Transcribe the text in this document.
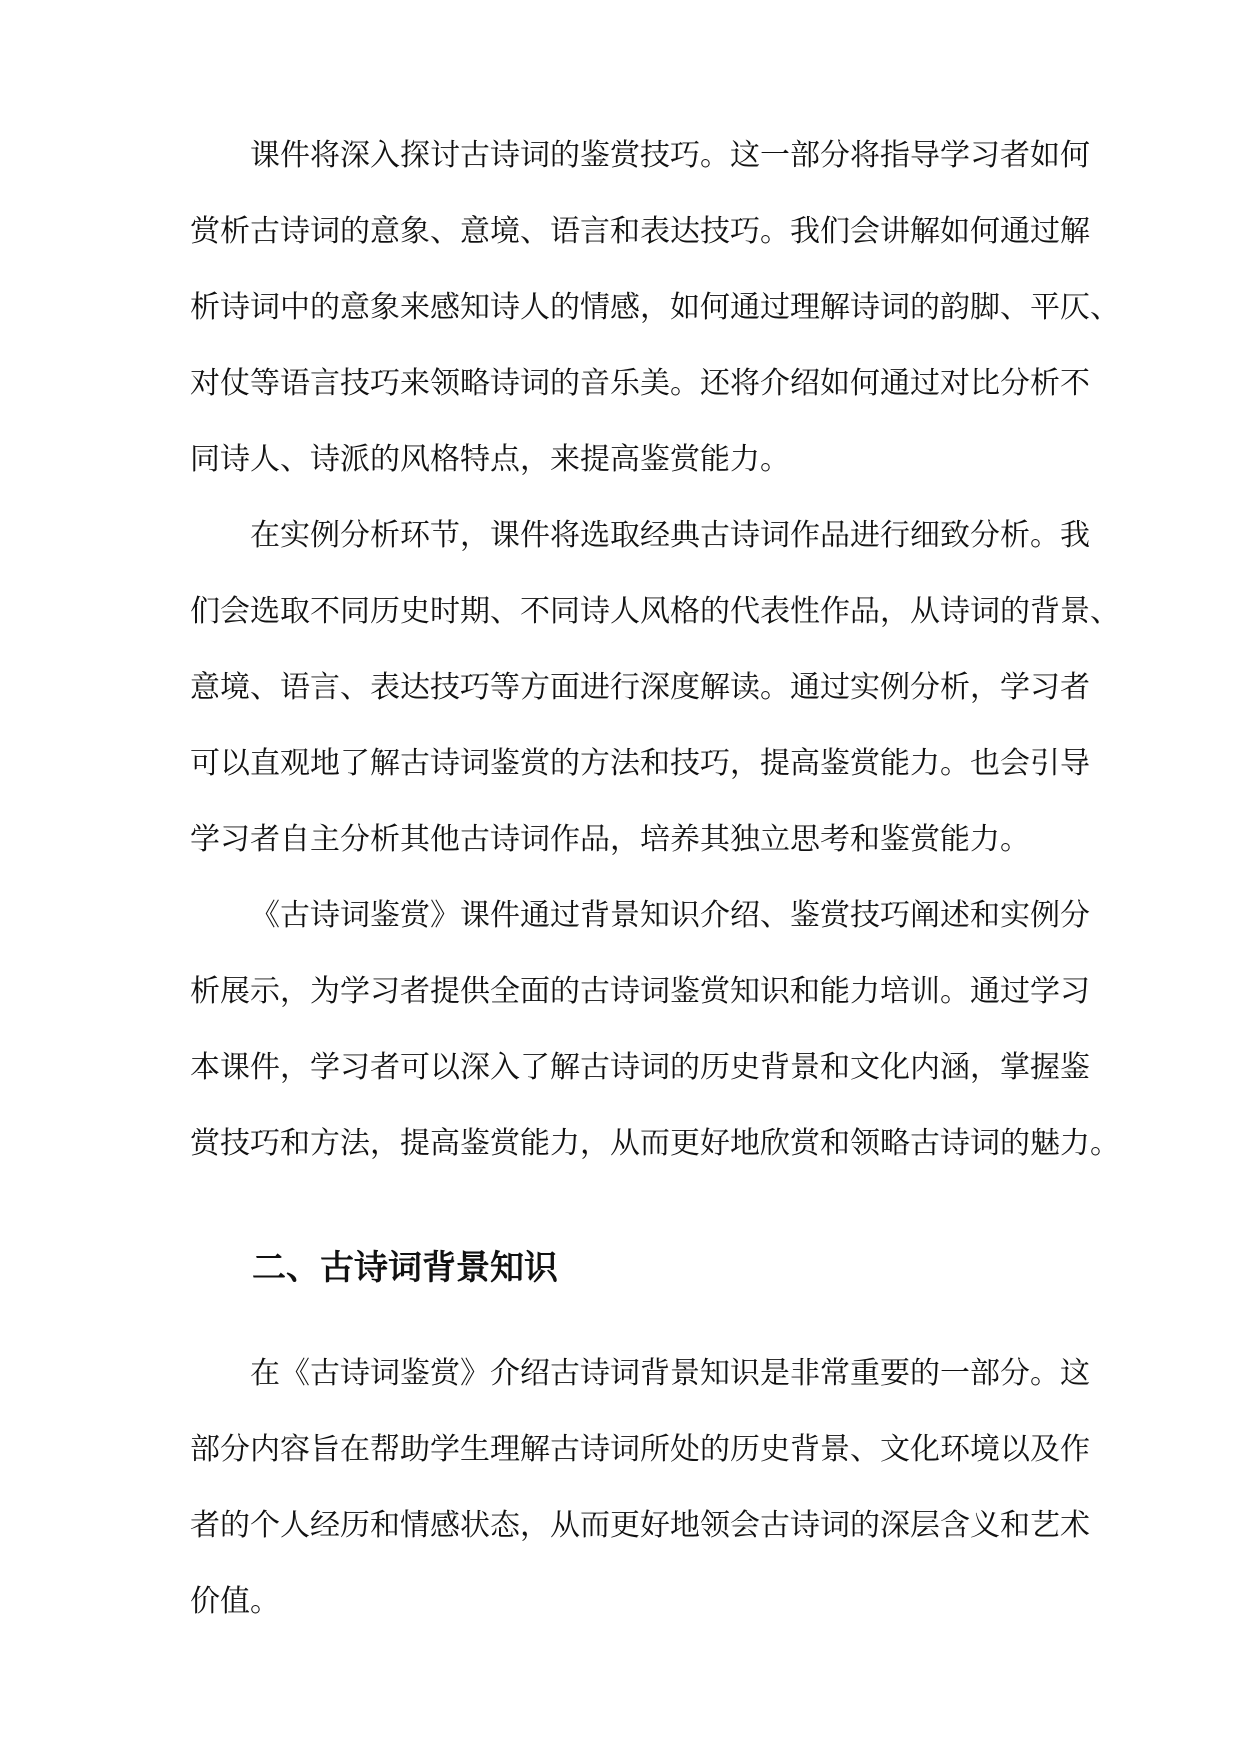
课件将深入探讨古诗词的鉴赏技巧。这一部分将指导学习者如何
赏析古诗词的意象、意境、语言和表达技巧。我们会讲解如何通过解
析诗词中的意象来感知诗人的情感，如何通过理解诗词的韵脚、平仄、
对仗等语言技巧来领略诗词的音乐美。还将介绍如何通过对比分析不
同诗人、诗派的风格特点，来提高鉴赏能力。

在实例分析环节，课件将选取经典古诗词作品进行细致分析。我
们会选取不同历史时期、不同诗人风格的代表性作品，从诗词的背景、
意境、语言、表达技巧等方面进行深度解读。通过实例分析，学习者
可以直观地了解古诗词鉴赏的方法和技巧，提高鉴赏能力。也会引导
学习者自主分析其他古诗词作品，培养其独立思考和鉴赏能力。

《古诗词鉴赏》课件通过背景知识介绍、鉴赏技巧阐述和实例分
析展示，为学习者提供全面的古诗词鉴赏知识和能力培训。通过学习
本课件，学习者可以深入了解古诗词的历史背景和文化内涵，掌握鉴
赏技巧和方法，提高鉴赏能力，从而更好地欣赏和领略古诗词的魅力。

二、古诗词背景知识

在《古诗词鉴赏》介绍古诗词背景知识是非常重要的一部分。这
部分内容旨在帮助学生理解古诗词所处的历史背景、文化环境以及作
者的个人经历和情感状态，从而更好地领会古诗词的深层含义和艺术
价值。
